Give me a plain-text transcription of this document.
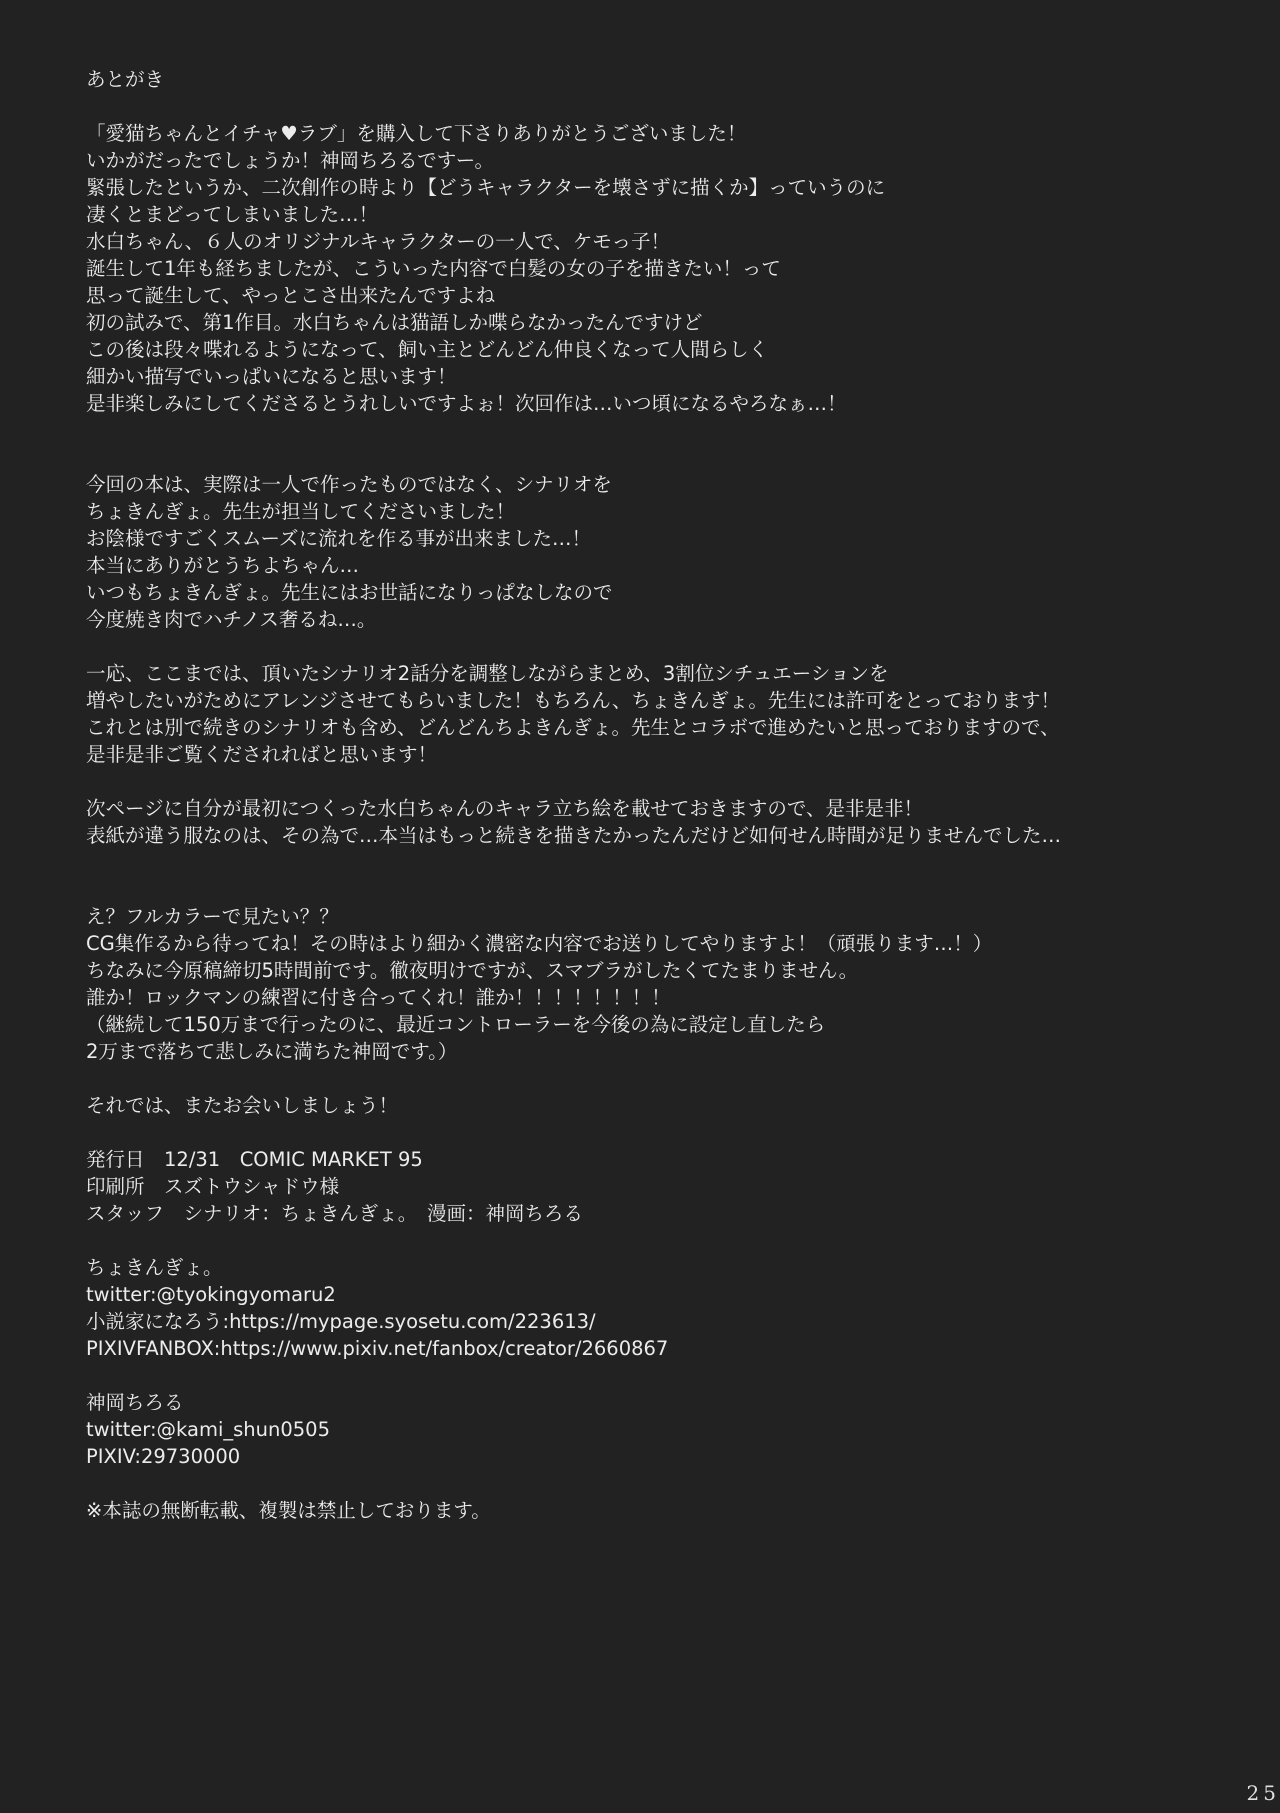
あとがき
「愛猫ちゃんとイチャ♥ラブ」を購入して下さりありがとうございました！
いかがだったでしょうか！神岡ちろるですー。
緊張したというか、二次創作の時より【どうキャラクターを壊さずに描くか】っていうのに
凄くとまどってしまいました…！
水白ちゃん、６人のオリジナルキャラクターの一人で、ケモっ子！
誕生して1年も経ちましたが、こういった内容で白髪の女の子を描きたい！って
思って誕生して、やっとこさ出来たんですよね
初の試みで、第1作目。水白ちゃんは猫語しか喋らなかったんですけど
この後は段々喋れるようになって、飼い主とどんどん仲良くなって人間らしく
細かい描写でいっぱいになると思います！
是非楽しみにしてくださるとうれしいですよぉ！次回作は…いつ頃になるやろなぁ…！
今回の本は、実際は一人で作ったものではなく、シナリオを
ちょきんぎょ。先生が担当してくださいました！
お陰様ですごくスムーズに流れを作る事が出来ました…！
本当にありがとうちよちゃん…
いつもちょきんぎょ。先生にはお世話になりっぱなしなので
今度焼き肉でハチノス奢るね…。
一応、ここまでは、頂いたシナリオ2話分を調整しながらまとめ、3割位シチュエーションを
増やしたいがためにアレンジさせてもらいました！もちろん、ちょきんぎょ。先生には許可をとっております！
これとは別で続きのシナリオも含め、どんどんちよきんぎょ。先生とコラボで進めたいと思っておりますので、
是非是非ご覧くだされればと思います！
次ページに自分が最初につくった水白ちゃんのキャラ立ち絵を載せておきますので、是非是非！
表紙が違う服なのは、その為で…本当はもっと続きを描きたかったんだけど如何せん時間が足りませんでした…
え？フルカラーで見たい？？
CG集作るから待ってね！その時はより細かく濃密な内容でお送りしてやりますよ！（頑張ります…！）
ちなみに今原稿締切5時間前です。徹夜明けですが、スマブラがしたくてたまりません。
誰か！ロックマンの練習に付き合ってくれ！誰か！！！！！！！！
（継続して150万まで行ったのに、最近コントローラーを今後の為に設定し直したら
2万まで落ちて悲しみに満ちた神岡です。）
それでは、またお会いしましょう！
発行日　12/31　COMIC MARKET 95
印刷所　スズトウシャドウ様
スタッフ　シナリオ：ちょきんぎょ。　漫画：神岡ちろる
ちょきんぎょ。
twitter:@tyokingyomaru2
小説家になろう:https://mypage.syosetu.com/223613/
PIXIVFANBOX:https://www.pixiv.net/fanbox/creator/2660867
神岡ちろる
twitter:@kami_shun0505
PIXIV:29730000
※本誌の無断転載、複製は禁止しております。
25
